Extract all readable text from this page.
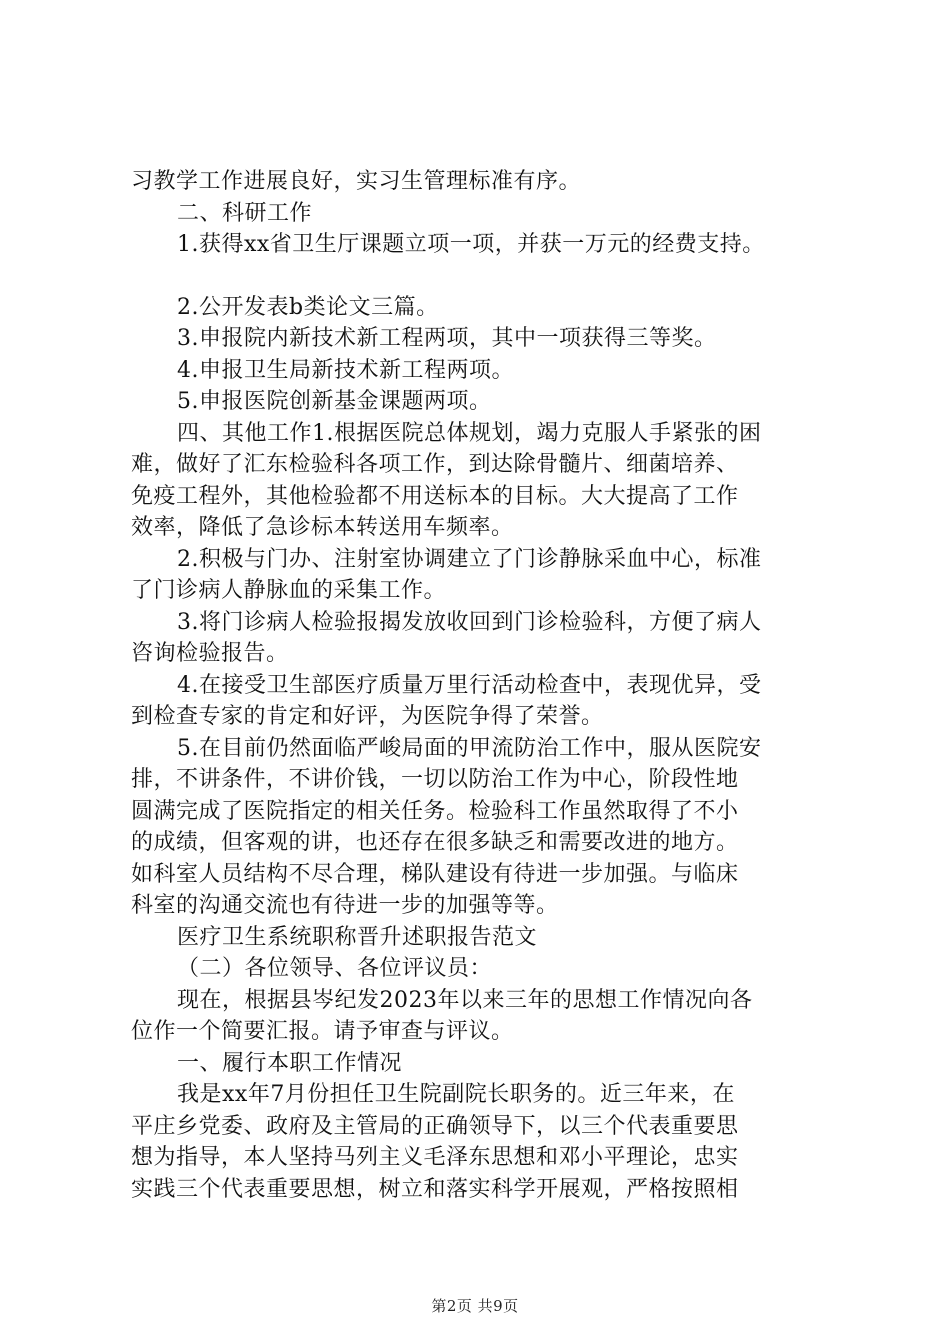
习教学工作进展良好，实习生管理标准有序。
二、科研工作
1.获得xx省卫生厅课题立项一项，并获一万元的经费支持。
2.公开发表b类论文三篇。
3.申报院内新技术新工程两项，其中一项获得三等奖。
4.申报卫生局新技术新工程两项。
5.申报医院创新基金课题两项。
四、其他工作1.根据医院总体规划，竭力克服人手紧张的困
难，做好了汇东检验科各项工作，到达除骨髓片、细菌培养、
免疫工程外，其他检验都不用送标本的目标。大大提高了工作
效率，降低了急诊标本转送用车频率。
2.积极与门办、注射室协调建立了门诊静脉采血中心，标准
了门诊病人静脉血的采集工作。
3.将门诊病人检验报揭发放收回到门诊检验科，方便了病人
咨询检验报告。
4.在接受卫生部医疗质量万里行活动检查中，表现优异，受
到检查专家的肯定和好评，为医院争得了荣誉。
5.在目前仍然面临严峻局面的甲流防治工作中，服从医院安
排，不讲条件，不讲价钱，一切以防治工作为中心，阶段性地
圆满完成了医院指定的相关任务。检验科工作虽然取得了不小
的成绩，但客观的讲，也还存在很多缺乏和需要改进的地方。
如科室人员结构不尽合理，梯队建设有待进一步加强。与临床
科室的沟通交流也有待进一步的加强等等。
医疗卫生系统职称晋升述职报告范文
（二）各位领导、各位评议员：
现在，根据县岑纪发2023年以来三年的思想工作情况向各
位作一个简要汇报。请予审查与评议。
一、履行本职工作情况
我是xx年7月份担任卫生院副院长职务的。近三年来，在
平庄乡党委、政府及主管局的正确领导下，以三个代表重要思
想为指导，本人坚持马列主义毛泽东思想和邓小平理论，忠实
实践三个代表重要思想，树立和落实科学开展观，严格按照相
第2页 共9页
